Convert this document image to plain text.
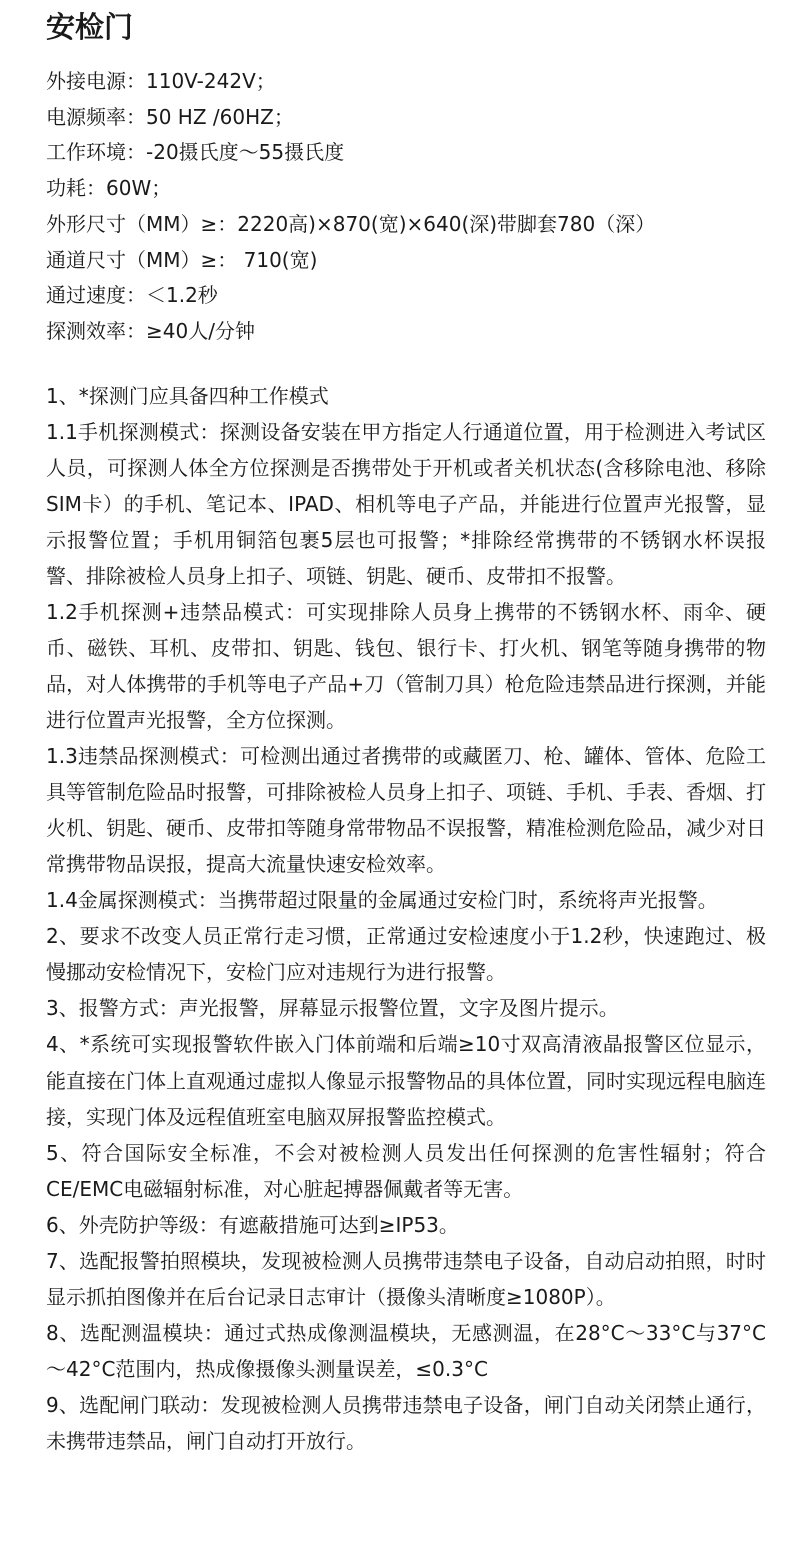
安检门
外接电源：110V-242V；
电源频率：50 HZ /60HZ；
工作环境：-20摄氏度～55摄氏度
功耗：60W；
外形尺寸（MM）≥：2220高)×870(宽)×640(深)带脚套780（深）
通道尺寸（MM）≥： 710(宽)
通过速度：＜1.2秒
探测效率：≥40人/分钟
1、*探测门应具备四种工作模式
1.1手机探测模式：探测设备安装在甲方指定人行通道位置，用于检测进入考试区人员，可探测人体全方位探测是否携带处于开机或者关机状态(含移除电池、移除SIM卡）的手机、笔记本、IPAD、相机等电子产品，并能进行位置声光报警，显示报警位置；手机用铜箔包裹5层也可报警；*排除经常携带的不锈钢水杯误报警、排除被检人员身上扣子、项链、钥匙、硬币、皮带扣不报警。
1.2手机探测+违禁品模式：可实现排除人员身上携带的不锈钢水杯、雨伞、硬币、磁铁、耳机、皮带扣、钥匙、钱包、银行卡、打火机、钢笔等随身携带的物品，对人体携带的手机等电子产品+刀（管制刀具）枪危险违禁品进行探测，并能进行位置声光报警，全方位探测。
1.3违禁品探测模式：可检测出通过者携带的或藏匿刀、枪、罐体、管体、危险工具等管制危险品时报警，可排除被检人员身上扣子、项链、手机、手表、香烟、打火机、钥匙、硬币、皮带扣等随身常带物品不误报警，精准检测危险品，减少对日常携带物品误报，提高大流量快速安检效率。
1.4金属探测模式：当携带超过限量的金属通过安检门时，系统将声光报警。
2、要求不改变人员正常行走习惯，正常通过安检速度小于1.2秒，快速跑过、极慢挪动安检情况下，安检门应对违规行为进行报警。
3、报警方式：声光报警，屏幕显示报警位置，文字及图片提示。
4、*系统可实现报警软件嵌入门体前端和后端≥10寸双高清液晶报警区位显示，能直接在门体上直观通过虚拟人像显示报警物品的具体位置，同时实现远程电脑连接，实现门体及远程值班室电脑双屏报警监控模式。
5、符合国际安全标准，不会对被检测人员发出任何探测的危害性辐射；符合CE/EMC电磁辐射标准，对心脏起搏器佩戴者等无害。
6、外壳防护等级：有遮蔽措施可达到≥IP53。
7、选配报警拍照模块，发现被检测人员携带违禁电子设备，自动启动拍照，时时显示抓拍图像并在后台记录日志审计（摄像头清晰度≥1080P）。
8、选配测温模块：通过式热成像测温模块，无感测温，在28°C～33°C与37°C～42°C范围内，热成像摄像头测量误差，≤0.3°C
9、选配闸门联动：发现被检测人员携带违禁电子设备，闸门自动关闭禁止通行，未携带违禁品，闸门自动打开放行。
